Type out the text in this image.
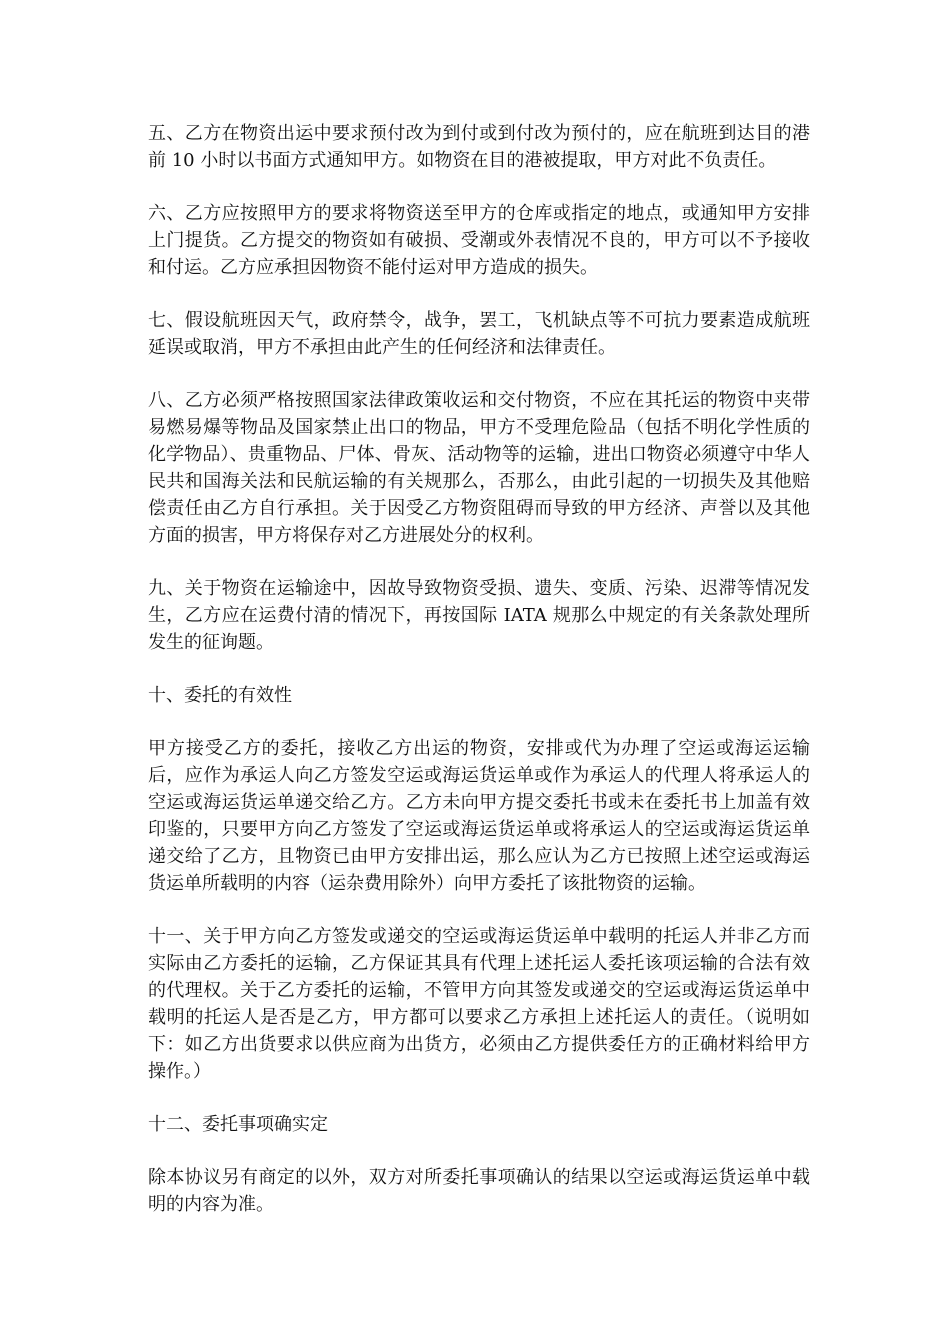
五、乙方在物资出运中要求预付改为到付或到付改为预付的，应在航班到达目的港前 10 小时以书面方式通知甲方。如物资在目的港被提取，甲方对此不负责任。

六、乙方应按照甲方的要求将物资送至甲方的仓库或指定的地点，或通知甲方安排上门提货。乙方提交的物资如有破损、受潮或外表情况不良的，甲方可以不予接收和付运。乙方应承担因物资不能付运对甲方造成的损失。

七、假设航班因天气，政府禁令，战争，罢工，飞机缺点等不可抗力要素造成航班延误或取消，甲方不承担由此产生的任何经济和法律责任。

八、乙方必须严格按照国家法律政策收运和交付物资，不应在其托运的物资中夹带易燃易爆等物品及国家禁止出口的物品，甲方不受理危险品（包括不明化学性质的化学物品）、贵重物品、尸体、骨灰、活动物等的运输，进出口物资必须遵守中华人民共和国海关法和民航运输的有关规那么，否那么，由此引起的一切损失及其他赔偿责任由乙方自行承担。关于因受乙方物资阻碍而导致的甲方经济、声誉以及其他方面的损害，甲方将保存对乙方进展处分的权利。

九、关于物资在运输途中，因故导致物资受损、遗失、变质、污染、迟滞等情况发生，乙方应在运费付清的情况下，再按国际 IATA 规那么中规定的有关条款处理所发生的征询题。

十、委托的有效性

甲方接受乙方的委托，接收乙方出运的物资，安排或代为办理了空运或海运运输后，应作为承运人向乙方签发空运或海运货运单或作为承运人的代理人将承运人的空运或海运货运单递交给乙方。乙方未向甲方提交委托书或未在委托书上加盖有效印鉴的，只要甲方向乙方签发了空运或海运货运单或将承运人的空运或海运货运单递交给了乙方，且物资已由甲方安排出运，那么应认为乙方已按照上述空运或海运货运单所载明的内容（运杂费用除外）向甲方委托了该批物资的运输。

十一、关于甲方向乙方签发或递交的空运或海运货运单中载明的托运人并非乙方而实际由乙方委托的运输，乙方保证其具有代理上述托运人委托该项运输的合法有效的代理权。关于乙方委托的运输，不管甲方向其签发或递交的空运或海运货运单中载明的托运人是否是乙方，甲方都可以要求乙方承担上述托运人的责任。（说明如下：如乙方出货要求以供应商为出货方，必须由乙方提供委任方的正确材料给甲方操作。）

十二、委托事项确实定

除本协议另有商定的以外，双方对所委托事项确认的结果以空运或海运货运单中载明的内容为准。
